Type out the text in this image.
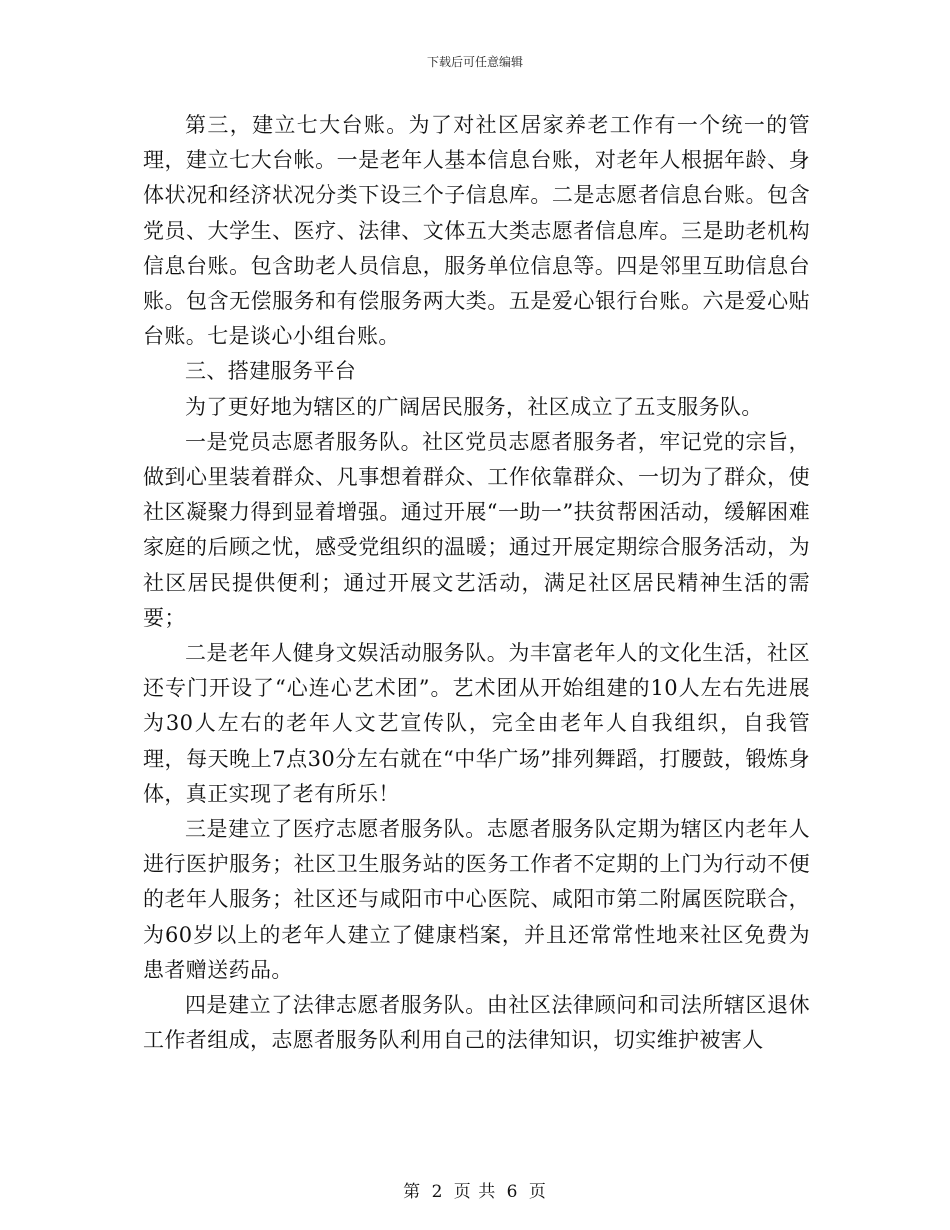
下载后可任意编辑

第三，建立七大台账。为了对社区居家养老工作有一个统一的管理，建立七大台帐。一是老年人基本信息台账，对老年人根据年龄、身体状况和经济状况分类下设三个子信息库。二是志愿者信息台账。包含党员、大学生、医疗、法律、文体五大类志愿者信息库。三是助老机构信息台账。包含助老人员信息，服务单位信息等。四是邻里互助信息台账。包含无偿服务和有偿服务两大类。五是爱心银行台账。六是爱心贴台账。七是谈心小组台账。

三、搭建服务平台

为了更好地为辖区的广阔居民服务，社区成立了五支服务队。

一是党员志愿者服务队。社区党员志愿者服务者，牢记党的宗旨，做到心里装着群众、凡事想着群众、工作依靠群众、一切为了群众，使社区凝聚力得到显着增强。通过开展“一助一”扶贫帮困活动，缓解困难家庭的后顾之忧，感受党组织的温暖；通过开展定期综合服务活动，为社区居民提供便利；通过开展文艺活动，满足社区居民精神生活的需要；

二是老年人健身文娱活动服务队。为丰富老年人的文化生活，社区还专门开设了“心连心艺术团”。艺术团从开始组建的10人左右先进展为30人左右的老年人文艺宣传队，完全由老年人自我组织，自我管理，每天晚上7点30分左右就在“中华广场”排列舞蹈，打腰鼓，锻炼身体，真正实现了老有所乐！

三是建立了医疗志愿者服务队。志愿者服务队定期为辖区内老年人进行医护服务；社区卫生服务站的医务工作者不定期的上门为行动不便的老年人服务；社区还与咸阳市中心医院、咸阳市第二附属医院联合，为60岁以上的老年人建立了健康档案，并且还常常性地来社区免费为患者赠送药品。

四是建立了法律志愿者服务队。由社区法律顾问和司法所辖区退休工作者组成，志愿者服务队利用自己的法律知识，切实维护被害人

第 2 页 共 6 页
